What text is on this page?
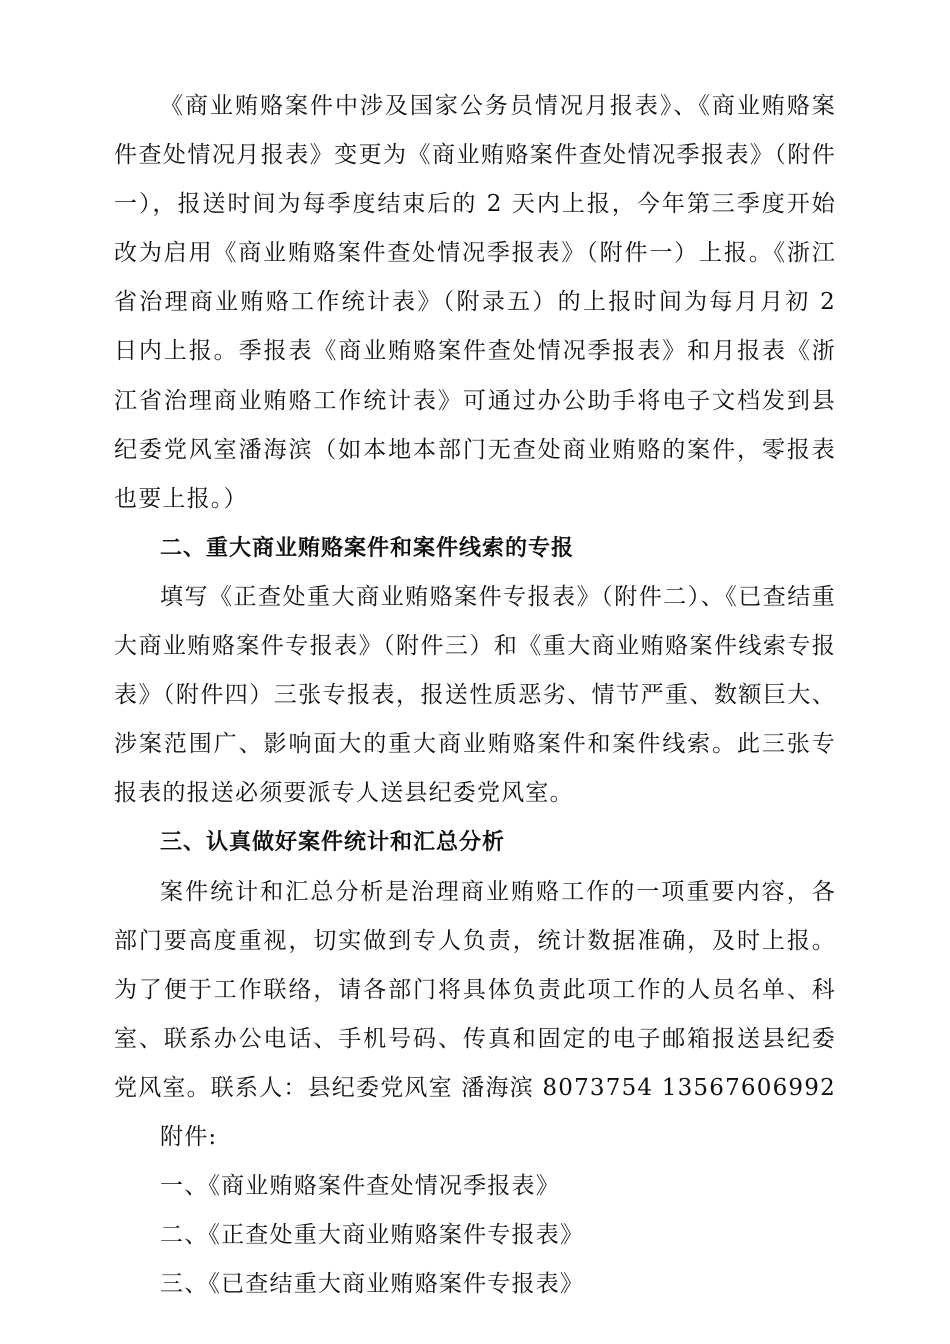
《商业贿赂案件中涉及国家公务员情况月报表》、《商业贿赂案件查处情况月报表》变更为《商业贿赂案件查处情况季报表》（附件一），报送时间为每季度结束后的 2 天内上报，今年第三季度开始改为启用《商业贿赂案件查处情况季报表》（附件一）上报。《浙江省治理商业贿赂工作统计表》（附录五）的上报时间为每月月初 2 日内上报。季报表《商业贿赂案件查处情况季报表》和月报表《浙江省治理商业贿赂工作统计表》可通过办公助手将电子文档发到县纪委党风室潘海滨（如本地本部门无查处商业贿赂的案件，零报表也要上报。）

二、重大商业贿赂案件和案件线索的专报

填写《正查处重大商业贿赂案件专报表》（附件二）、《已查结重大商业贿赂案件专报表》（附件三）和《重大商业贿赂案件线索专报表》（附件四）三张专报表，报送性质恶劣、情节严重、数额巨大、涉案范围广、影响面大的重大商业贿赂案件和案件线索。此三张专报表的报送必须要派专人送县纪委党风室。

三、认真做好案件统计和汇总分析

案件统计和汇总分析是治理商业贿赂工作的一项重要内容，各部门要高度重视，切实做到专人负责，统计数据准确，及时上报。为了便于工作联络，请各部门将具体负责此项工作的人员名单、科室、联系办公电话、手机号码、传真和固定的电子邮箱报送县纪委党风室。联系人：县纪委党风室 潘海滨 8073754 13567606992

附件:

一、《商业贿赂案件查处情况季报表》

二、《正查处重大商业贿赂案件专报表》

三、《已查结重大商业贿赂案件专报表》
